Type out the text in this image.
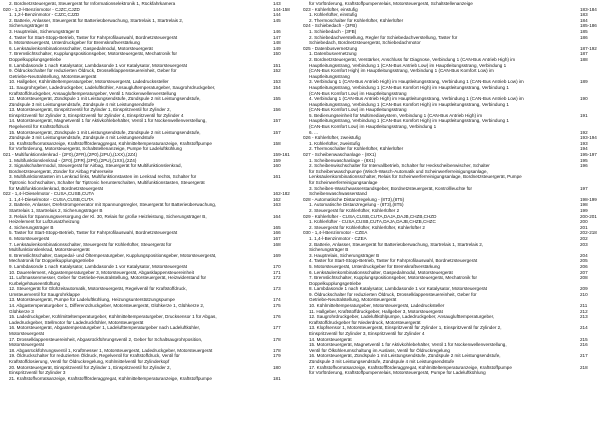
2. Bordnetzsteuergerät, Steuergerät für Informationselektronik 1, Rückfahrkamera	143
020 - 1,2-l-Benzinmotor - CJZC,CJZD	144-158
1. 1,2-l-Benzinmotor - CJZC,CJZD	144
2. Batterie, Anlasser, Steuergerät für Batterieüberwachung, Startrelais 1, Startrelais 2,	145
Sicherungsträger B
3. Hauptrelais, Sicherungsträger B	146
4. Taster für Start-Stopp-Betrieb, Taster für Fahrprofilauswahl, Bordnetzsteuergerät	147
5. Motorsteuergerät, Unterdruckgeber für Bremskraftverstärkung	148
6. Lenksäulenkombinationsschalter, Gaspedalmodul, Motorsteuergerät	149
7. Bremslichtschalter, Kupplungspositionsgeber, Motorsteuergerät, Mechatronik für	150
Doppelkupplungsgetriebe
8. Lambdasonde 1 nach Katalysator, Lambdasonde 1 vor Katalysator, Motorsteuergerät	151
9. Öldruckschalter für reduzierten Öldruck, Drosselklappensteuereinheit, Geber für	152
Getriebe-Neutralstellung, Motorsteuergerät
10. Hallgeber, Kühlmitteltemperaturgeber, Motorsteuergerät, Ladedruckssteller	153
11. Saugrohrgeber, Ladedruckgeber, Ladeluftkühler, Ansaugluftemperaturgeber, Saugrohrdruckgeber,	154
Kraftstoffdruckgeber, Ansaugluftemperaturgeber, Ventil 1 Nockenwellenverstellung
12. Motorsteuergerät, Zündspule 1 mit Leistungsendstufe, Zündspule 2 mit Leistungsendstufe,	155
Zündspule 3 mit Leistungsendstufe, Zündspule 4 mit Leistungsendstufe
13. Motorsteuergerät, Einspritzventil für Zylinder 1, Einspritzventil für Zylinder 2,	156
Einspritzventil für Zylinder 3, Einspritzventil für Zylinder 4, Einspritzventil für Zylinder 4
14. Motorsteuergerät, Magnetventil 1 für Aktivkohlebehälter, Ventil 1 für Nockenwellenverstellung,	157
Regelventil für Kraftstoffdruck
15. Motorsteuergerät, Zündspule 1 mit Leistungsendstufe, Zündspule 2 mit Leistungsendstufe,	157
Zündspule 3 mit Leistungsendstufe, Zündspule 4 mit Leistungsendstufe
16. Kraftstoffvorratsanzeige, Kraftstoffförderaggregat, Kühlmitteltemperaturanzeige, Kraftstoffpumpe	158
für Vorförderung, Motorsteuergerät, Schaltstellenanzeige, Pumpe für Ladeluftkühlung
021 - Multifunktionslenkrad - (2F0),(2FR),(2P0),(2PU),(1XX),(2Z4)	159-161
1. Multifunktionslenkrad - (2F0),(2FR),(2P0),(2PU),(1XX),(2Z4)	159
2. Signalschaltermodul, Steuergerät für Airbag, Steuergerät für Multifunktionslenkrad,	160
Bordnetzsteuergerät, Zünder für Airbag Fahrerseite
3. Multifunktionstasten im Lenkrad links, Multifunktionstasten im Lenkrad rechts, Schalter für	161
Tiptronic hochschalten, Schalter für Tiptronic herunterschalten, Multifunktionstasten, Steuergerät
für Multifunktionslenkrad, Bordnetzsteuergerät
022 - 1,4-l-Dieselmotor - CUSA,CUSB,CUTA	162-182
1. 1,4-l-Dieselmotor - CUSA,CUSB,CUTA	162
2. Batterie, Anlasser, Drehstromgenerator mit Spannungsregler, Steuergerät für Batterieüberwachung,	163
Startrelais 1, Startrelais 2, Sicherungsträger B
3. Relais für Spannungsversorgung der Kl. 30, Relais für große Heizleistung, Sicherungsträger B,	164
Heizelement für Luftzusatzheizung
4. Sicherungsträger B	165
5. Taster für Start-Stopp-Betrieb, Taster für Fahrprofilauswahl, Bordnetzsteuergerät	166
6. Motorsteuergerät	167
7. Lenksäulenkombinationsschalter, Steuergerät für Kühlerlüfter, Steuergerät für	168
Multifunktionslenkrad, Motorsteuergerät
8. Bremslichtschalter, Gaspedal- und Öltemperaturgeber, Kupplungspositionsgeber, Motorsteuergerät,	169
Mechatronik für Doppelkupplungsgetriebe
9. Lambdasonde 1 nach Katalysator, Lambdasonde 1 vor Katalysator, Motorsteuergerät	170
10. Dauerelement, Abgastemperaturgeber 3, Motorsteuergerät, Abgasklappensteuereinheit	171
11. Luftmassenmesser, Geber für Getriebe-Neutralstellung, Motorsteuergerät, Heizwiderstand für	172
Kurbelgehäuseentlüftung
12. Steuergerät für Glühzeitautomatik, Motorsteuergerät, Regelventil für Kraftstoffdruck,	173
Umsteuerventil für Saugrohrklappe
13. Motorsteuergerät, Pumpe für Ladeluftkühlung, Heizungsunterstützungspumpe	174
14. Abgastemperaturgeber 1, Differenzdruckgeber, Motorsteuergerät, Glühkerze 1, Glühkerze 2,	175
Glühkerze 3
15. Ladedruckgeber, Kühlmitteltemperaturgeber, Kühlmitteltemperaturgeber, Drucksensor 1 für Abgas,	176
Ladedruckgeber, Stellmotor für Ladedruckfühler, Motorsteuergerät
16. Motorsteuergerät, Abgastemperaturgeber 1, Ladelufttemperaturgeber nach Ladeluftkühler,	177
Motorsteuergerät
17. Drosselklappensteuereinheit, Abgasrückführungsventil 2, Geber für Schaltsaugrohrposition,	178
Motorsteuergerät
18. Abgasrückführungsventil 1, Kraftmesser 1, Motorsteuergerät, Ladedruckgeber, Motorsteuergerät	178
19. Öldruckschalter für reduzierten Öldruck, Regelventil für Kraftstoffdruck, Ventil für	179
Kraftstoffdosierung, Ventil für Öldruckregelung, Kühlmittelventil für Zylinderkopf
20. Motorsteuergerät, Einspritzventil für Zylinder 1, Einspritzventil für Zylinder 2,	180
Einspritzventil für Zylinder 3
21. Kraftstoffvorratsanzeige, Kraftstoffförderaggregat, Kühlmitteltemperaturanzeige, Kraftstoffpumpe	181
für Vorförderung, Kraftstoffpumpenrelais, Motorsteuergerät, Schaltstellenanzeige
023 - Kühlerlüfter, einstufig	183-184
1. Kühlerlüfter, einstufig	183
2. Thermoschalter für Kühlerlüfter, Kühlerlüfter	184
024 - Schiebedach - (3FB)	185-186
1. Schiebedach - (3FB)	185
2. Schiebedachverstellung, Regler für Schiebedachverstellung, Taster für	186
Schiebedach, Bordnetzsteuergerät, Schiebedachmotor
025 - Datenbusvernetzung	187-192
1. Datenbusvernetzung	187
2. Bordnetzsteuergerät, Verstärker, Anschluss für Diagnose, Verbindung 1 (CAN-Bus Antrieb High) im	188
Hauptleitungsstrang, Verbindung 1 (CAN-Bus Antrieb Low) im Hauptleitungsstrang, Verbindung 1
(CAN-Bus Komfort High) im Hauptleitungsstrang, Verbindung 1 (CAN-Bus Komfort Low) im
Hauptleitungsstrang
3. Verbindung 1 (CAN-Bus Antrieb High) im Hauptleitungsstrang, Verbindung 1 (CAN-Bus Antrieb Low) im	189
Hauptleitungsstrang, Verbindung 1 (CAN-Bus Komfort High) im Hauptleitungsstrang, Verbindung 1
(CAN-Bus Komfort Low) im Hauptleitungsstrang
4. Verbindung 1 (CAN-Bus Antrieb High) im Hauptleitungsstrang, Verbindung 1 (CAN-Bus Antrieb Low) im	190
Hauptleitungsstrang, Verbindung 1 (CAN-Bus Komfort High) im Hauptleitungsstrang, Verbindung 1
(CAN-Bus Komfort Low) im Hauptleitungsstrang
5. Bedienungseinheit für Multimediasystem, Verbindung 1 (CAN-Bus Antrieb High) im	191
Hauptleitungsstrang, Verbindung 1 (CAN-Bus Komfort High) im Hauptleitungsstrang, Verbindung 1
(CAN-Bus Komfort Low) im Hauptleitungsstrang, Verbindung 1
6. ...	192
026 - Kühlerlüfter, zweistufig	193-194
1. Kühlerlüfter, zweistufig	193
2. Thermoschalter für Kühlerlüfter, Kühlerlüfter	194
027 - Scheibenwaschanlage - (8X1)	195-197
1. Scheibenwaschanlage - (8X1)	195
2. Scheibenwischschalter für Intervallbetrieb, Schalter für Heckscheibenwischer, Schalter	196
für Scheibenwaschpumpe (Wisch-Wasch-Automatik und Scheinwerferreinigungsanlage,
Lenksäulenkombinationsschalter, Relais für Scheinwerferreinigungsanlage, Bordnetzsteuergerät, Pumpe
für Scheinwerferreinigungsanlage
3. Scheiben-Waschwasserstandsgeber, Bordnetzsteuergerät, Kontrollleuchte für	197
Scheibenwaschwasserstand
028 - Automatische Distanzregelung - (8T3),(8T5)	198-199
1. Automatische Distanzregelung - (8T3),(8T5)	198
2. Steuergerät für Kühlerlüfter, Kühlerlüfter 2	199
029 - Kühlerlüfter - CUSA,CUSB,CUTA,DAJA,DAJB,CHZB,CHZD	200-201
1. Kühlerlüfter - CUSA,CUSB,CUTA,DAJA,DAJB,CHZB,CHZC	200
2. Steuergerät für Kühlerlüfter, Kühlerlüfter, Kühlerlüfter 2	201
030 - 1,4-l-Benzinmotor - CZEA	202-218
1. 1,4-l-Benzinmotor - CZEA	202
2. Batterie, Anlasser, Steuergerät für Batterieüberwachung, Startrelais 1, Startrelais 2,	203
Sicherungsträger B
3. Hauptrelais, Sicherungsträger B	204
4. Taster für Start-Stopp-Betrieb, Taster für Fahrprofilauswahl, Bordnetzsteuergerät	205
5. Motorsteuergerät, Unterdruckgeber für Bremskraftverstärkung	206
6. Lenksäulenkombinationsschalter, Gaspedalmodul, Motorsteuergerät	207
7. Bremslichtschalter, Kupplungspositionsgeber, Motorsteuergerät, Mechatronik für	208
Doppelkupplungsgetriebe
8. Lambdasonde 1 nach Katalysator, Lambdasonde 1 vor Katalysator, Motorsteuergerät	209
9. Öldruckschalter für reduzierten Öldruck, Drosselklappensteuereinheit, Geber für	210
Getriebe-Neutralstellung, Motorsteuergerät
10. Kühlmitteltemperaturgeber, Motorsteuergerät, Ladedrucksteller	211
11. Hallgeber, Kraftstoffdruckgeber, Hallgeber 3, Motorsteuergerät	212
12. Saugrohrdruckgeber, Ladeluftkühlpumpe, Ladedruckgeber, Ansauglufttemperaturgeber,	213
Kraftstoffdruckgeber für Niederdruck, Motorsteuergerät
13. Klopfsensor 1, Motorsteuergerät, Einspritzventil für Zylinder 1, Einspritzventil für Zylinder 2,	214
Einspritzventil für Zylinder 3, Einspritzventil für Zylinder 4
14. Motorsteuergerät	215
15. Motorsteuergerät, Magnetventil 1 für Aktivkohlebehälter, Ventil 1 für Nockenwellenverstellung,	216
Ventil für Ölkühlerumschaltung im Auslass, Ventil für Öldruckregelung
16. Motorsteuergerät, Zündspule 1 mit Leistungsendstufe, Zündspule 2 mit Leistungsendstufe,	217
Zündspule 3 mit Leistungsendstufe, Zündspule 4 mit Leistungsendstufe
17. Kraftstoffvorratsanzeige, Kraftstoffförderaggregat, Kühlmitteltemperaturanzeige, Kraftstoffpumpe	218
für Vorförderung, Kraftstoffpumpenrelais, Motorsteuergerät, Pumpe für Ladeluftkühlung
